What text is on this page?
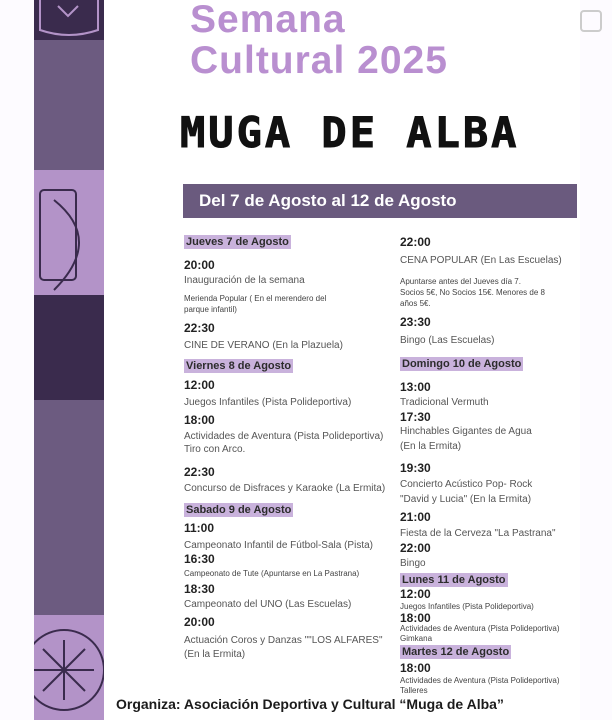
Semana
Cultural 2025
MUGA DE ALBA
Del 7 de Agosto al 12 de Agosto
Jueves 7 de Agosto
20:00
Inauguración de la semana
Merienda Popular ( En el merendero del
parque infantil)
22:30
CINE DE VERANO (En la Plazuela)
Viernes 8 de Agosto
12:00
Juegos Infantiles (Pista Polideportiva)
18:00
Actividades de Aventura (Pista Polideportiva)
Tiro con Arco.
22:30
Concurso de Disfraces y Karaoke (La Ermita)
Sabado 9 de Agosto
11:00
Campeonato Infantil de Fútbol-Sala (Pista)
16:30
Campeonato de Tute (Apuntarse en La Pastrana)
18:30
Campeonato del UNO (Las Escuelas)
20:00
Actuación Coros y Danzas ""LOS ALFARES"
(En la Ermita)
22:00
CENA POPULAR (En Las Escuelas)
Apuntarse antes del Jueves día 7.
Socios 5€, No Socios 15€. Menores de 8
años 5€.
23:30
Bingo (Las Escuelas)
Domingo 10 de Agosto
13:00
Tradicional Vermuth
17:30
Hinchables Gigantes de Agua
(En la Ermita)
19:30
Concierto Acústico Pop- Rock
"David y Lucia" (En la Ermita)
21:00
Fiesta de la Cerveza "La Pastrana"
22:00
Bingo
Lunes 11 de Agosto
12:00
Juegos Infantiles (Pista Polideportiva)
18:00
Actividades de Aventura (Pista Polideportiva)
Gimkana
Martes 12 de Agosto
18:00
Actividades de Aventura (Pista Polideportiva)
Talleres
Organiza: Asociación Deportiva y Cultural “Muga de Alba”
